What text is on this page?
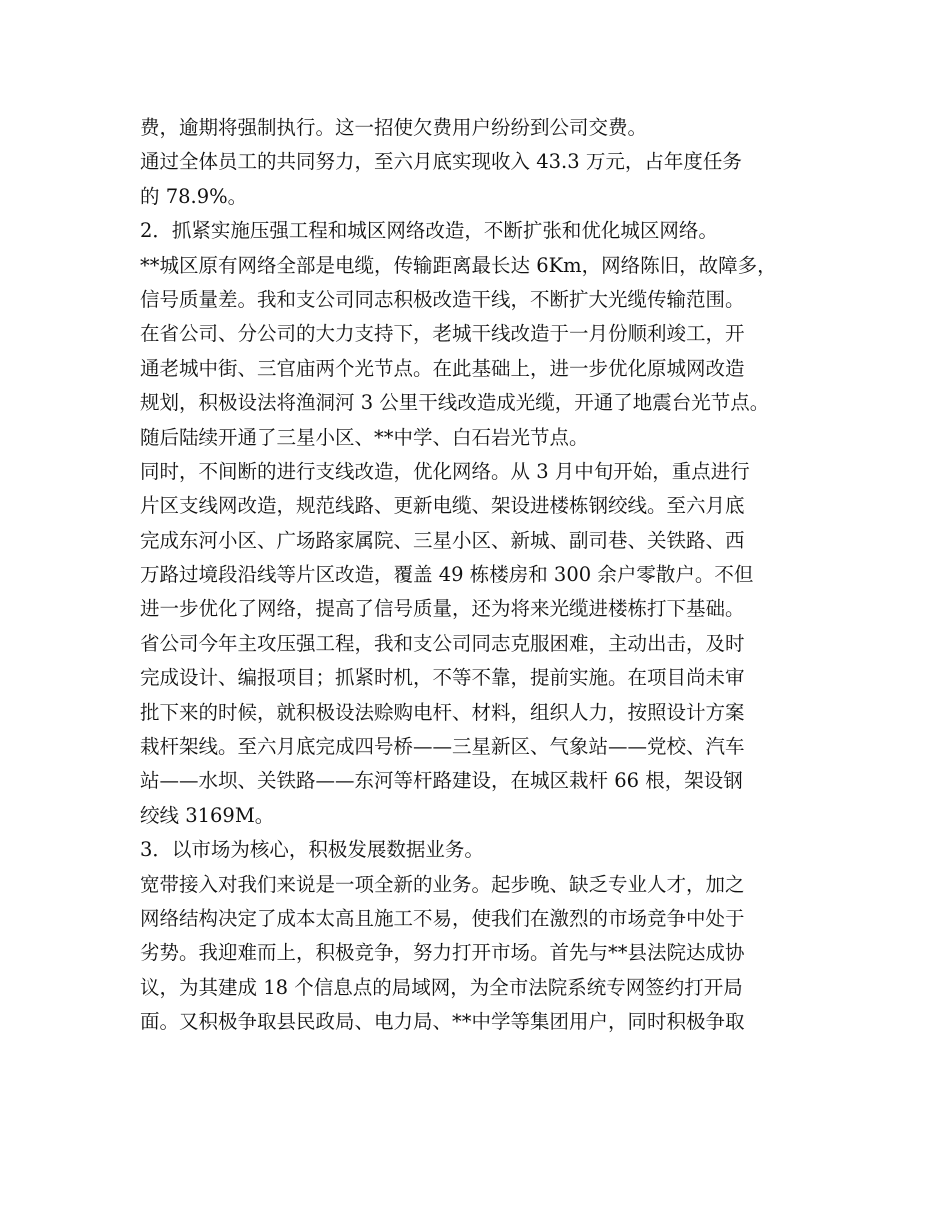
费，逾期将强制执行。这一招使欠费用户纷纷到公司交费。
通过全体员工的共同努力，至六月底实现收入 43.3 万元，占年度任务
的 78.9%。
2．抓紧实施压强工程和城区网络改造，不断扩张和优化城区网络。
**城区原有网络全部是电缆，传输距离最长达 6Km，网络陈旧，故障多，
信号质量差。我和支公司同志积极改造干线，不断扩大光缆传输范围。
在省公司、分公司的大力支持下，老城干线改造于一月份顺利竣工，开
通老城中街、三官庙两个光节点。在此基础上，进一步优化原城网改造
规划，积极设法将渔洞河 3 公里干线改造成光缆，开通了地震台光节点。
随后陆续开通了三星小区、**中学、白石岩光节点。
同时，不间断的进行支线改造，优化网络。从 3 月中旬开始，重点进行
片区支线网改造，规范线路、更新电缆、架设进楼栋钢绞线。至六月底
完成东河小区、广场路家属院、三星小区、新城、副司巷、关铁路、西
万路过境段沿线等片区改造，覆盖 49 栋楼房和 300 余户零散户。不但
进一步优化了网络，提高了信号质量，还为将来光缆进楼栋打下基础。
省公司今年主攻压强工程，我和支公司同志克服困难，主动出击，及时
完成设计、编报项目；抓紧时机，不等不靠，提前实施。在项目尚未审
批下来的时候，就积极设法赊购电杆、材料，组织人力，按照设计方案
栽杆架线。至六月底完成四号桥——三星新区、气象站——党校、汽车
站——水坝、关铁路——东河等杆路建设，在城区栽杆 66 根，架设钢
绞线 3169M。
3．以市场为核心，积极发展数据业务。
宽带接入对我们来说是一项全新的业务。起步晚、缺乏专业人才，加之
网络结构决定了成本太高且施工不易，使我们在激烈的市场竞争中处于
劣势。我迎难而上，积极竞争，努力打开市场。首先与**县法院达成协
议，为其建成 18 个信息点的局域网，为全市法院系统专网签约打开局
面。又积极争取县民政局、电力局、**中学等集团用户，同时积极争取
